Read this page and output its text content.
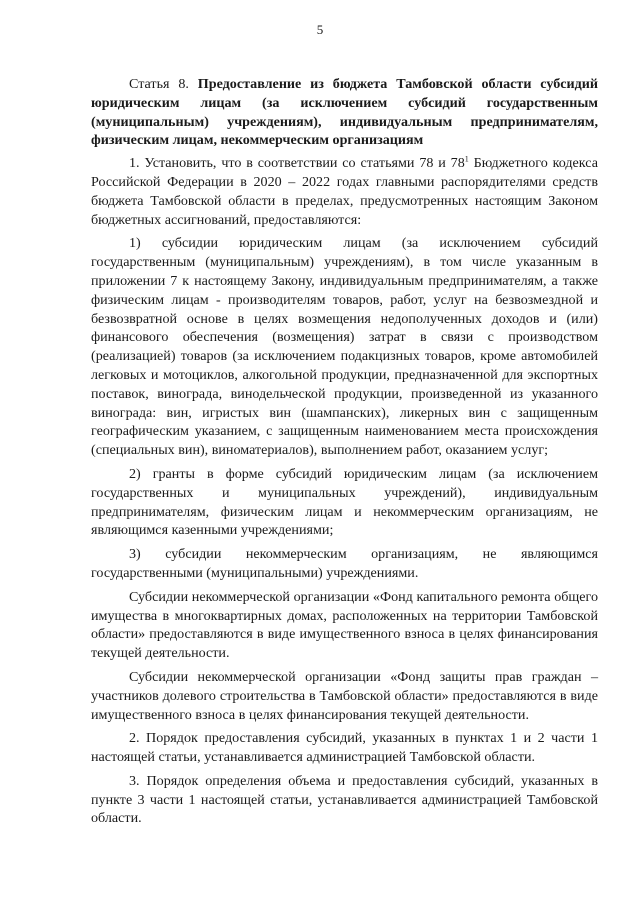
5

Статья 8. Предоставление из бюджета Тамбовской области субсидий юридическим лицам (за исключением субсидий государственным (муниципальным) учреждениям), индивидуальным предпринимателям, физическим лицам, некоммерческим организациям

1. Установить, что в соответствии со статьями 78 и $78^1$ Бюджетного кодекса Российской Федерации в 2020 – 2022 годах главными распорядителями средств бюджета Тамбовской области в пределах, предусмотренных настоящим Законом бюджетных ассигнований, предоставляются:

1) субсидии юридическим лицам (за исключением субсидий государственным (муниципальным) учреждениям), в том числе указанным в приложении 7 к настоящему Закону, индивидуальным предпринимателям, а также физическим лицам - производителям товаров, работ, услуг на безвозмездной и безвозвратной основе в целях возмещения недополученных доходов и (или) финансового обеспечения (возмещения) затрат в связи с производством (реализацией) товаров (за исключением подакцизных товаров, кроме автомобилей легковых и мотоциклов, алкогольной продукции, предназначенной для экспортных поставок, винограда, винодельческой продукции, произведенной из указанного винограда: вин, игристых вин (шампанских), ликерных вин с защищенным географическим указанием, с защищенным наименованием места происхождения (специальных вин), виноматериалов), выполнением работ, оказанием услуг;

2) гранты в форме субсидий юридическим лицам (за исключением государственных и муниципальных учреждений), индивидуальным предпринимателям, физическим лицам и некоммерческим организациям, не являющимся казенными учреждениями;

3) субсидии некоммерческим организациям, не являющимся государственными (муниципальными) учреждениями.

Субсидии некоммерческой организации «Фонд капитального ремонта общего имущества в многоквартирных домах, расположенных на территории Тамбовской области» предоставляются в виде имущественного взноса в целях финансирования текущей деятельности.

Субсидии некоммерческой организации «Фонд защиты прав граждан – участников долевого строительства в Тамбовской области» предоставляются в виде имущественного взноса в целях финансирования текущей деятельности.

2. Порядок предоставления субсидий, указанных в пунктах 1 и 2 части 1 настоящей статьи, устанавливается администрацией Тамбовской области.

3. Порядок определения объема и предоставления субсидий, указанных в пункте 3 части 1 настоящей статьи, устанавливается администрацией Тамбовской области.
